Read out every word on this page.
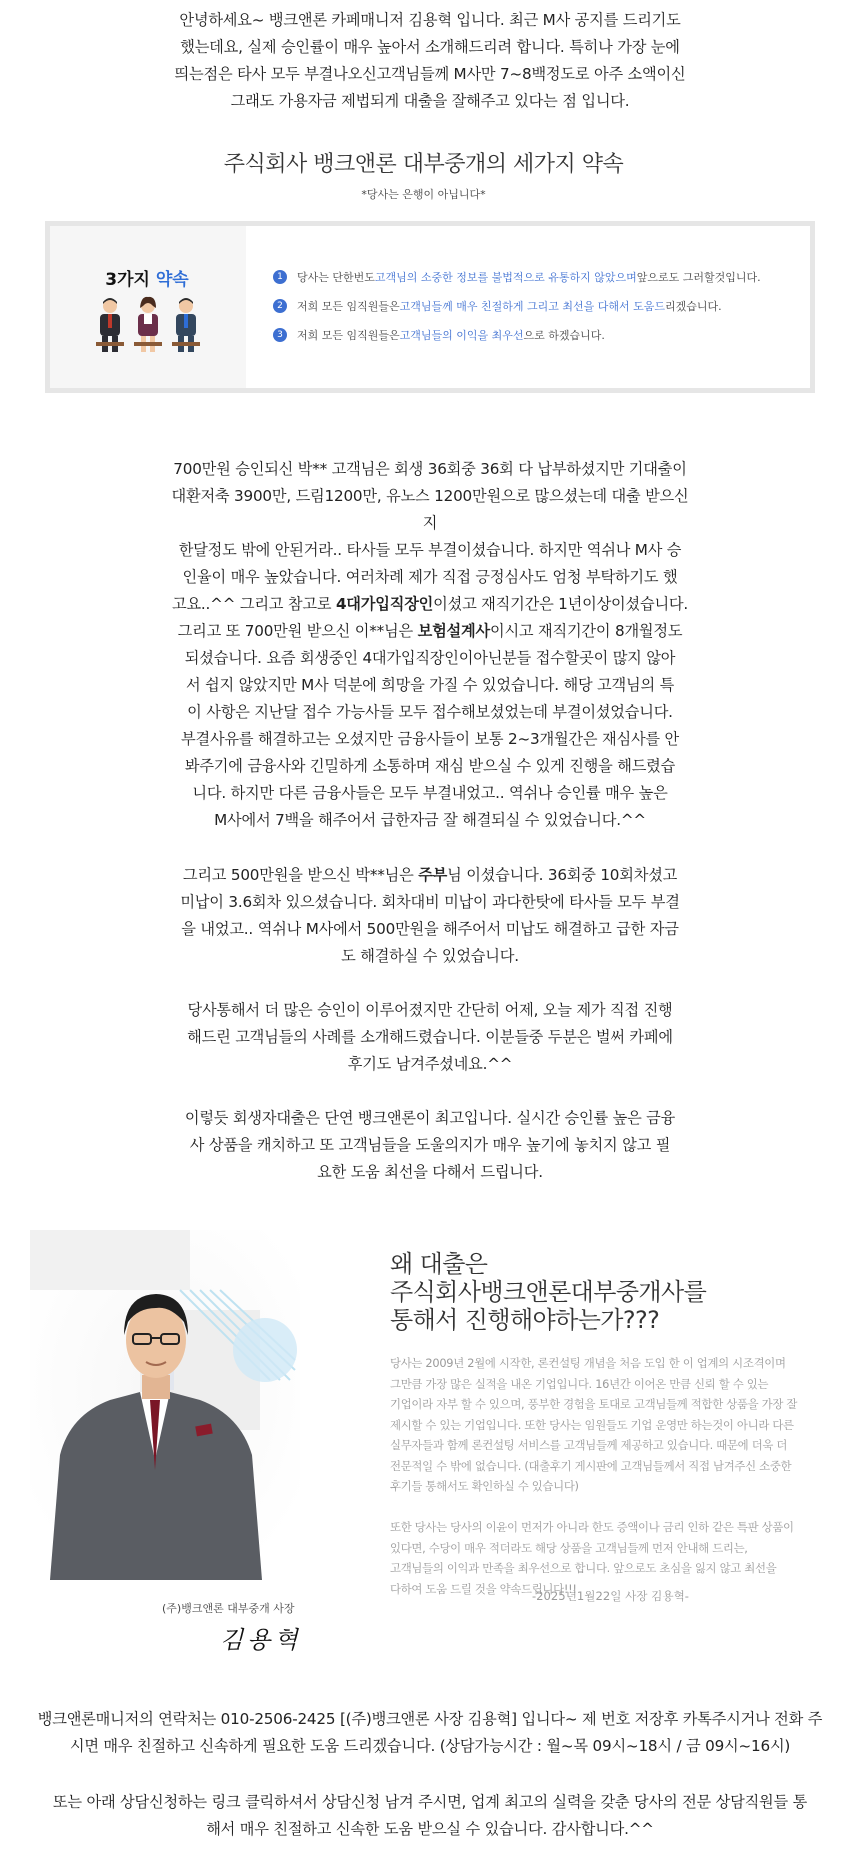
안녕하세요~ 뱅크앤론 카페매니저 김용혁 입니다. 최근 M사 공지를 드리기도
했는데요, 실제 승인률이 매우 높아서 소개해드리려 합니다. 특히나 가장 눈에
띄는점은 타사 모두 부결나오신고객님들께 M사만 7~8백정도로 아주 소액이신
그래도 가용자금 제법되게 대출을 잘해주고 있다는 점 입니다.
주식회사 뱅크앤론 대부중개의 세가지 약속
*당사는 은행이 아닙니다*
3가지 약속	1	당사는 단한번도 고객님의 소중한 정보를 불법적으로 유통하지 않았으며 앞으로도 그러할것입니다.
2	저희 모든 임직원들은 고객님들께 매우 친절하게 그리고 최선을 다해서 도움드 리겠습니다.
3	저희 모든 임직원들은 고객님들의 이익을 최우선 으로 하겠습니다.
700만원 승인되신 박** 고객님은 회생 36회중 36회 다 납부하셨지만 기대출이
대환저축 3900만, 드림1200만, 유노스 1200만원으로 많으셨는데 대출 받으신지
한달정도 밖에 안된거라.. 타사들 모두 부결이셨습니다. 하지만 역쉬나 M사 승
인율이 매우 높았습니다. 여러차례 제가 직접 긍정심사도 엄청 부탁하기도 했
고요..^^ 그리고 참고로 4대가입직장인이셨고 재직기간은 1년이상이셨습니다.
그리고 또 700만원 받으신 이**님은 보험설계사이시고 재직기간이 8개월정도
되셨습니다. 요즘 회생중인 4대가입직장인이아닌분들 접수할곳이 많지 않아
서 쉽지 않았지만 M사 덕분에 희망을 가질 수 있었습니다. 해당 고객님의 특
이 사항은 지난달 접수 가능사들 모두 접수해보셨었는데 부결이셨었습니다.
부결사유를 해결하고는 오셨지만 금융사들이 보통 2~3개월간은 재심사를 안
봐주기에 금융사와 긴밀하게 소통하며 재심 받으실 수 있게 진행을 해드렸습
니다. 하지만 다른 금융사들은 모두 부결내었고.. 역쉬나 승인률 매우 높은
M사에서 7백을 해주어서 급한자금 잘 해결되실 수 있었습니다.^^
그리고 500만원을 받으신 박**님은 주부님 이셨습니다. 36회중 10회차셨고
미납이 3.6회차 있으셨습니다. 회차대비 미납이 과다한탓에 타사들 모두 부결
을 내었고.. 역쉬나 M사에서 500만원을 해주어서 미납도 해결하고 급한 자금
도 해결하실 수 있었습니다.
당사통해서 더 많은 승인이 이루어졌지만 간단히 어제, 오늘 제가 직접 진행
해드린 고객님들의 사례를 소개해드렸습니다. 이분들중 두분은 벌써 카페에
후기도 남겨주셨네요.^^
이렇듯 회생자대출은 단연 뱅크앤론이 최고입니다. 실시간 승인률 높은 금융
사 상품을 캐치하고 또 고객님들을 도울의지가 매우 높기에 놓치지 않고 필
요한 도움 최선을 다해서 드립니다.
(주)뱅크앤론 대부중개 사장
김용혁
왜 대출은
주식회사뱅크앤론대부중개사를
통해서 진행해야하는가???
당사는 2009년 2월에 시작한, 론컨설팅 개념을 처음 도입 한 이 업계의 시조격이며
그만큼 가장 많은 실적을 내온 기업입니다. 16년간 이어온 만큼 신뢰 할 수 있는
기업이라 자부 할 수 있으며, 풍부한 경험을 토대로 고객님들께 적합한 상품을 가장 잘
제시할 수 있는 기업입니다. 또한 당사는 임원들도 기업 운영만 하는것이 아니라 다른
실무자들과 함께 론컨설팅 서비스를 고객님들께 제공하고 있습니다. 때문에 더욱 더
전문적일 수 밖에 없습니다. (대출후기 게시판에 고객님들께서 직접 남겨주신 소중한
후기들 통해서도 확인하실 수 있습니다)
또한 당사는 당사의 이윤이 먼저가 아니라 한도 증액이나 금리 인하 같은 특판 상품이
있다면, 수당이 매우 적더라도 해당 상품을 고객님들께 먼저 안내해 드리는,
고객님들의 이익과 만족을 최우선으로 합니다. 앞으로도 초심을 잃지 않고 최선을
다하여 도움 드릴 것을 약속드립니다!!!
-2025년1월22일 사장 김용혁-
뱅크앤론매니저의 연락처는 010-2506-2425 [(주)뱅크앤론 사장 김용혁] 입니다~ 제 번호 저장후 카톡주시거나 전화 주
시면 매우 친절하고 신속하게 필요한 도움 드리겠습니다. (상담가능시간 : 월~목 09시~18시 / 금 09시~16시)
또는 아래 상담신청하는 링크 클릭하셔서 상담신청 남겨 주시면, 업계 최고의 실력을 갖춘 당사의 전문 상담직원들 통
해서 매우 친절하고 신속한 도움 받으실 수 있습니다. 감사합니다.^^
